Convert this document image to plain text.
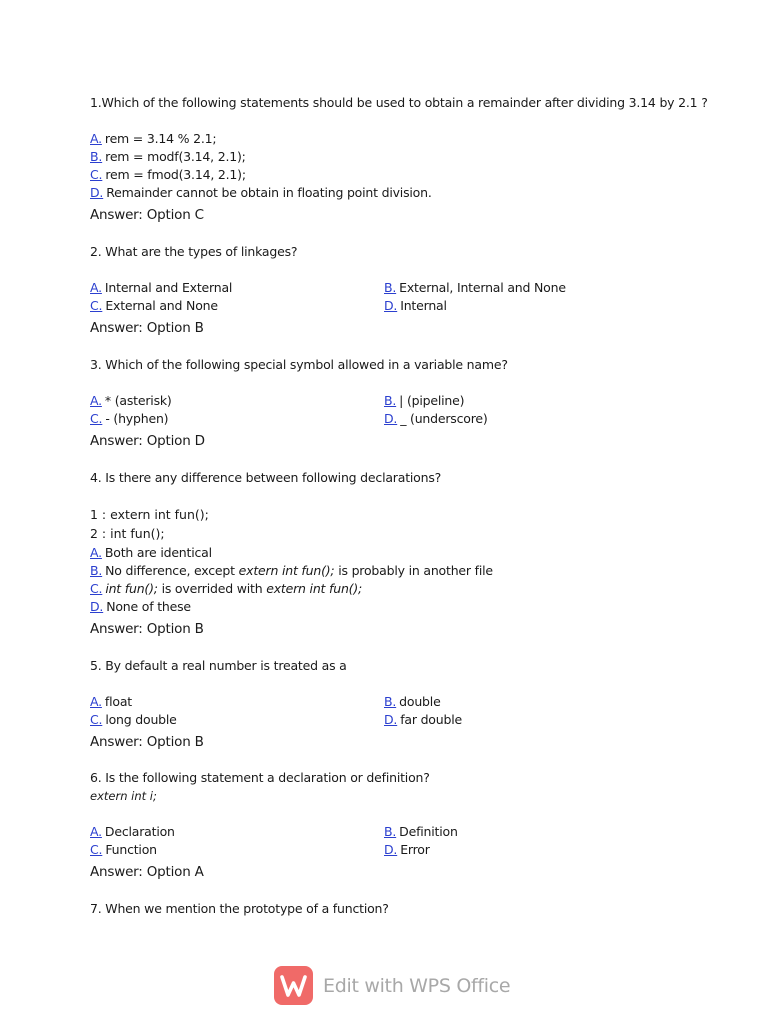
1.Which of the following statements should be used to obtain a remainder after dividing 3.14 by 2.1 ?
A. rem = 3.14 % 2.1;
B. rem = modf(3.14, 2.1);
C. rem = fmod(3.14, 2.1);
D. Remainder cannot be obtain in floating point division.
Answer: Option C
2. What are the types of linkages?
A. Internal and External	B. External, Internal and None
C. External and None	D. Internal
Answer: Option B
3. Which of the following special symbol allowed in a variable name?
A. * (asterisk)	B. | (pipeline)
C. - (hyphen)	D. _ (underscore)
Answer: Option D
4. Is there any difference between following declarations?
1 : extern int fun();
2 : int fun();
A. Both are identical
B. No difference, except extern int fun(); is probably in another file
C. int fun(); is overrided with extern int fun();
D. None of these
Answer: Option B
5. By default a real number is treated as a
A. float	B. double
C. long double	D. far double
Answer: Option B
6. Is the following statement a declaration or definition?
extern int i;
A. Declaration	B. Definition
C. Function	D. Error
Answer: Option A
7. When we mention the prototype of a function?
Edit with WPS Office
